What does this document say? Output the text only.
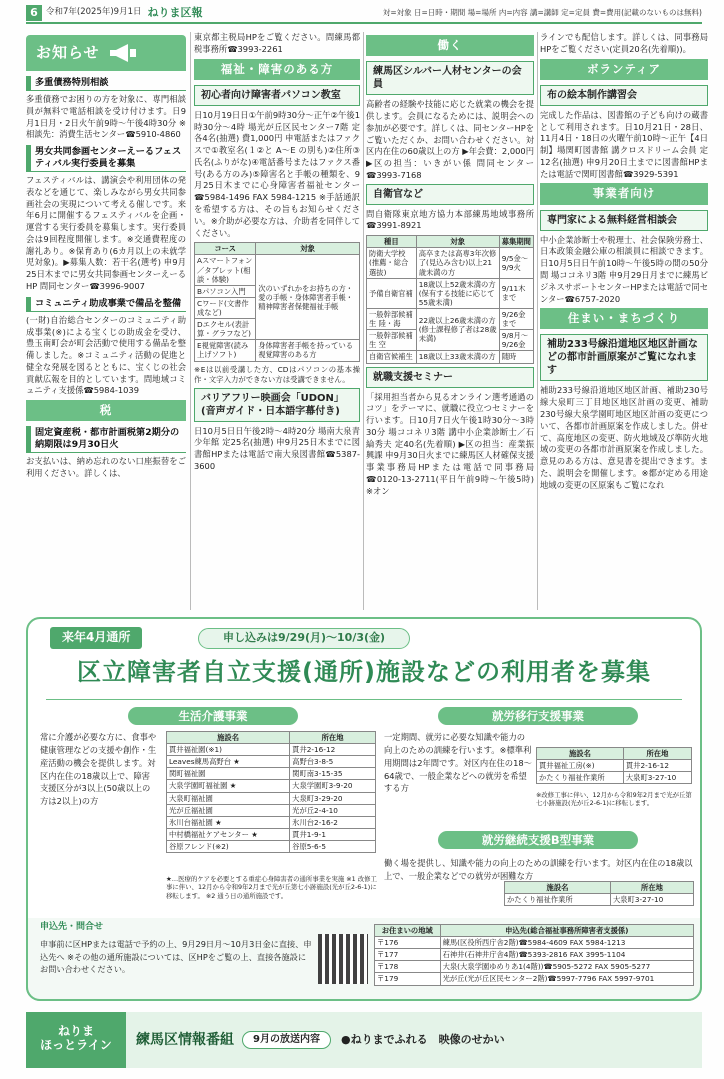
6 令和7年(2025年)9月1日 ねりま区報	対=対象 日=日時・期間 場=場所 内=内容 講=講師 定=定員 費=費用(記載のないものは無料)
お知らせ
多重債務特別相談
多重債務でお困りの方を対象に、専門相談員が無料で電話相談を受け付けます。日9月1日月・2日火午前9時～午後4時30分 ※相談先：消費生活センター☎5910-4860
男女共同参画センターえーるフェスティバル実行委員を募集
フェスティバルは、講演会や利用団体の発表などを通じて、楽しみながら男女共同参画社会の実現について考える催しです。来年6月に開催するフェスティバルを企画・運営する実行委員を募集します。実行委員会は9回程度開催します。※交通費程度の謝礼あり。※保育あり(6カ月以上の未就学児対象)。▶募集人数：若干名(選考) 申9月25日木までに男女共同参画センターえーるHP 問同センター☎3996-9007
コミュニティ助成事業で備品を整備
(一財)自治総合センターのコミュニティ助成事業(※)による宝くじの助成金を受け、豊玉南町会が町会活動で使用する備品を整備しました。※コミュニティ活動の促進と健全な発展を図るとともに、宝くじの社会貢献広報を目的としています。問地域コミュニティ支援係☎5984-1039
税
固定資産税・都市計画税第2期分の納期限は9月30日火
お支払いは、納め忘れのない口座振替をご利用ください。詳しくは、
東京都主税局HPをご覧ください。問練馬都税事務所☎3993-2261
福祉・障害のある方
初心者向け障害者パソコン教室
日10月19日日①午前9時30分～正午②午後1時30分～4時 場光が丘区民センター7階 定各4名(抽選) 費1,000円 申電話またはファクスで①教室名(１②と A～E の別も)②住所③氏名(ふりがな)④電話番号またはファクス番号(ある方のみ)⑤障害名と手帳の種類を、9月25日木までに心身障害者福祉センター☎5984-1496 FAX 5984-1215 ※手話通訳を希望する方は、その旨もお知らせください。※介助が必要な方は、介助者を同伴してください。
コース	対象
Aスマートフォン／タブレット(相談・体験)	次のいずれかをお持ちの方・愛の手帳・身体障害者手帳・精神障害者保健福祉手帳
Bパソコン入門	
Cワード(文書作成など)	
Dエクセル(表計算・グラフなど)	
E視覚障害(読み上げソフト)	身体障害者手帳を持っている視覚障害のある方
※Eは以前受講した方、CDはパソコンの基本操作・文字入力ができない方は受講できません。
バリアフリー映画会「UDON」(音声ガイド・日本語字幕付き)
日10月5日日午後2時～4時20分 場南大泉青少年館 定25名(抽選) 申9月25日木までに図書館HPまたは電話で南大泉図書館☎5387-3600
働く
練馬区シルバー人材センターの会員
高齢者の経験や技能に応じた就業の機会を提供します。会員になるためには、説明会への参加が必要です。詳しくは、同センターHPをご覧いただくか、お問い合わせください。対区内在住の60歳以上の方 ▶年会費：2,000円 ▶区の担当：いきがい係 問同センター☎3993-7168
自衛官など
問自衛隊東京地方協力本部練馬地域事務所☎3991-8921
種目	対象	募集期間
防衛大学校(推薦・総合選抜)	高卒または高専3年次修了(見込み含む)以上21歳未満の方	9/5金～9/9火
予備自衛官補	18歳以上52歳未満の方(保有する技能に応じて55歳未満)	9/11木まで
一般幹部候補生 陸・海	22歳以上26歳未満の方(修士課程修了者は28歳未満)	9/26金まで
一般幹部候補生 空		9/8月～9/26金
自衛官候補生	18歳以上33歳未満の方	随時
就職支援セミナー
「採用担当者から見るオンライン選考通過のコツ」をテーマに、就職に役立つセミナーを行います。日10月7日火午後1時30分～3時30分 場ココネリ3階 講中小企業診断士／石綸秀夫 定40名(先着順) ▶区の担当：産業振興課 申9月30日火までに練馬区人材確保支援事業事務局HPまたは電話で同事務局☎0120-13-2711(平日午前9時～午後5時) ※オン
ラインでも配信します。詳しくは、同事務局HPをご覧ください(定員20名(先着順))。
ボランティア
布の絵本制作講習会
完成した作品は、図書館の子ども向けの蔵書として利用されます。日10月21日・28日、11月4日・18日の火曜午前10時～正午【4日制】場関町図書館 講クロスドリーム会員 定12名(抽選) 申9月20日土までに図書館HPまたは電話で関町図書館☎3929-5391
事業者向け
専門家による無料経営相談会
中小企業診断士や税理士、社会保険労務士、日本政策金融公庫の相談員に相談できます。日10月5日日午前10時～午後5時の間の50分間 場ココネリ3階 申9月29日月までに練馬ビジネスサポートセンターHPまたは電話で同センター☎6757-2020
住まい・まちづくり
補助233号線沿道地区地区計画などの都市計画原案がご覧になれます
補助233号線沿道地区地区計画、補助230号線大泉町三丁目地区地区計画の変更、補助230号線大泉学園町地区地区計画の変更について、各都市計画原案を作成しました。併せて、高度地区の変更、防火地域及び準防火地域の変更の各都市計画原案を作成しました。意見のある方は、意見書を提出できます。また、説明会を開催します。※都が定める用途地域の変更の区原案もご覧になれ
来年4月通所	申し込みは9/29(月)～10/3(金)
区立障害者自立支援(通所)施設などの利用者を募集
生活介護事業
常に介護が必要な方に、食事や健康管理などの支援や創作・生産活動の機会を提供します。対区内在住の18歳以上で、障害支援区分が3以上(50歳以上の方は2以上)の方
施設名	所在地
貫井福祉園(※1)	貫井2-16-12
Leaves練馬高野台 ★	高野台3-8-5
関町福祉園	関町南3-15-35
大泉学園町福祉園 ★	大泉学園町3-9-20
大泉町福祉園	大泉町3-29-20
光が丘福祉園	光が丘2-4-10
氷川台福祉園 ★	氷川台2-16-2
中村橋福祉ケアセンター ★	貫井1-9-1
谷原フレンド(※2)	谷原5-6-5
★…医療的ケアを必要とする重症心身障害者の通所事業を実施 ※1 改修工事に伴い、12月から令和9年2月まで光が丘第七小跡施設(光が丘2-6-1)に移転します。 ※2 通う日の通所施設です。
就労移行支援事業
一定期間、就労に必要な知識や能力の向上のための訓練を行います。※標準利用期間は2年間です。対区内在住の18～64歳で、一般企業などへの就労を希望する方
施設名	所在地
貫井福祉工房(※)	貫井2-16-12
かたくり福祉作業所	大泉町3-27-10
※改修工事に伴い、12月から令和9年2月まで光が丘第七小跡施設(光が丘2-6-1)に移転します。
就労継続支援B型事業
働く場を提供し、知識や能力の向上のための訓練を行います。対区内在住の18歳以上で、一般企業などでの就労が困難な方
施設名	所在地
かたくり福祉作業所	大泉町3-27-10
申込先・問合せ
申事前に区HPまたは電話で予約の上、9月29日月～10月3日金に直接、申込先へ ※その他の通所施設については、区HPをご覧の上、直接各施設にお問い合わせください。
お住まいの地域	申込先(総合福祉事務所障害者支援係)
〒176	練馬(区役所西庁舎2階)☎5984-4609 FAX 5984-1213
〒177	石神井(石神井庁舎4階)☎5393-2816 FAX 3995-1104
〒178	大泉(大泉学園ゆめりあ1(4階))☎5905-5272 FAX 5905-5277
〒179	光が丘(光が丘区民センター2階)☎5997-7796 FAX 5997-9701
ねりま
ほっとライン	練馬区情報番組	9月の放送内容	●ねりまでふれる　映像のせかい
